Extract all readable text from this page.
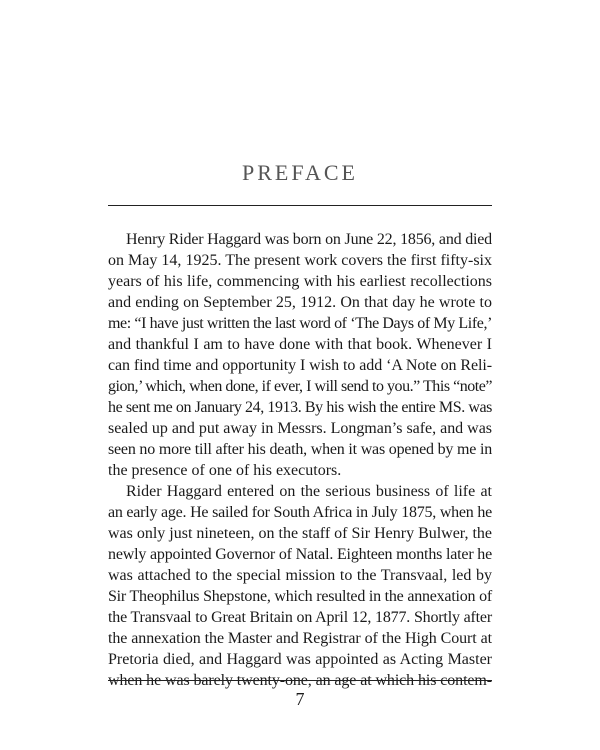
PREFACE
Henry Rider Haggard was born on June 22, 1856, and died
on May 14, 1925. The present work covers the first fifty-six
years of his life, commencing with his earliest recollections
and ending on September 25, 1912. On that day he wrote to
me: “I have just written the last word of ‘The Days of My Life,’
and thankful I am to have done with that book. Whenever I
can find time and opportunity I wish to add ‘A Note on Reli-
gion,’ which, when done, if ever, I will send to you.” This “note”
he sent me on January 24, 1913. By his wish the entire MS. was
sealed up and put away in Messrs. Longman’s safe, and was
seen no more till after his death, when it was opened by me in
the presence of one of his executors.
Rider Haggard entered on the serious business of life at
an early age. He sailed for South Africa in July 1875, when he
was only just nineteen, on the staff of Sir Henry Bulwer, the
newly appointed Governor of Natal. Eighteen months later he
was attached to the special mission to the Transvaal, led by
Sir Theophilus Shepstone, which resulted in the annexation of
the Transvaal to Great Britain on April 12, 1877. Shortly after
the annexation the Master and Registrar of the High Court at
Pretoria died, and Haggard was appointed as Acting Master
when he was barely twenty-one, an age at which his contem-
7
